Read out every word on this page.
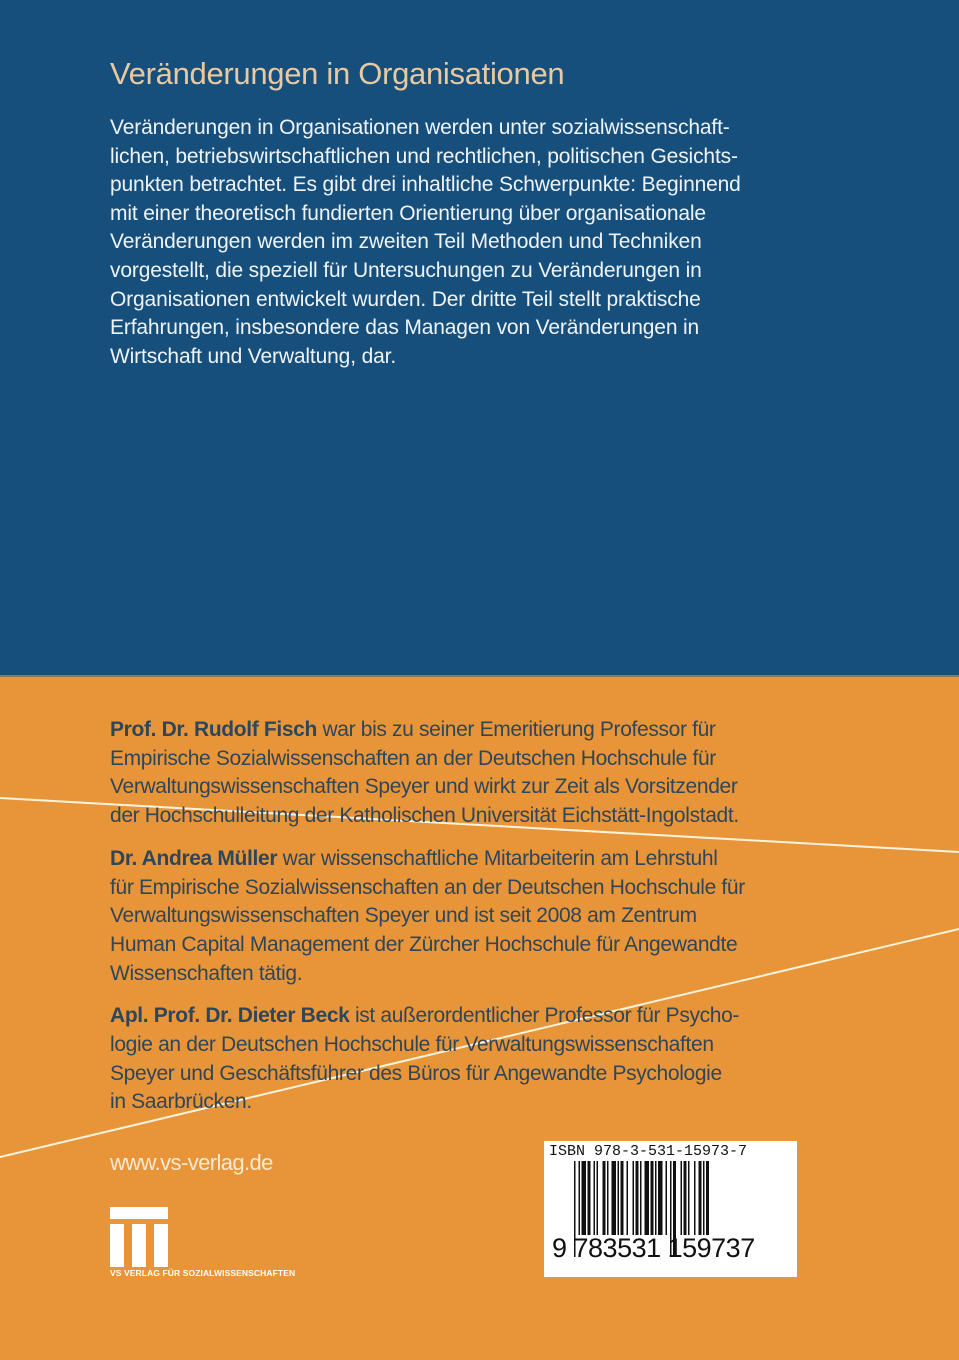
Veränderungen in Organisationen
Veränderungen in Organisationen werden unter sozialwissenschaft-
lichen, betriebswirtschaftlichen und rechtlichen, politischen Gesichts-
punkten betrachtet. Es gibt drei inhaltliche Schwerpunkte: Beginnend
mit einer theoretisch fundierten Orientierung über organisationale
Veränderungen werden im zweiten Teil Methoden und Techniken
vorgestellt, die speziell für Untersuchungen zu Veränderungen in
Organisationen entwickelt wurden. Der dritte Teil stellt praktische
Erfahrungen, insbesondere das Managen von Veränderungen in
Wirtschaft und Verwaltung, dar.
Prof. Dr. Rudolf Fisch war bis zu seiner Emeritierung Professor für
Empirische Sozialwissenschaften an der Deutschen Hochschule für
Verwaltungswissenschaften Speyer und wirkt zur Zeit als Vorsitzender
der Hochschulleitung der Katholischen Universität Eichstätt-Ingolstadt.
Dr. Andrea Müller war wissenschaftliche Mitarbeiterin am Lehrstuhl
für Empirische Sozialwissenschaften an der Deutschen Hochschule für
Verwaltungswissenschaften Speyer und ist seit 2008 am Zentrum
Human Capital Management der Zürcher Hochschule für Angewandte
Wissenschaften tätig.
Apl. Prof. Dr. Dieter Beck ist außerordentlicher Professor für Psycho-
logie an der Deutschen Hochschule für Verwaltungswissenschaften
Speyer und Geschäftsführer des Büros für Angewandte Psychologie
in Saarbrücken.
www.vs-verlag.de
VS VERLAG FÜR SOZIALWISSENSCHAFTEN
ISBN 978-3-531-15973-7
9 783531 159737
